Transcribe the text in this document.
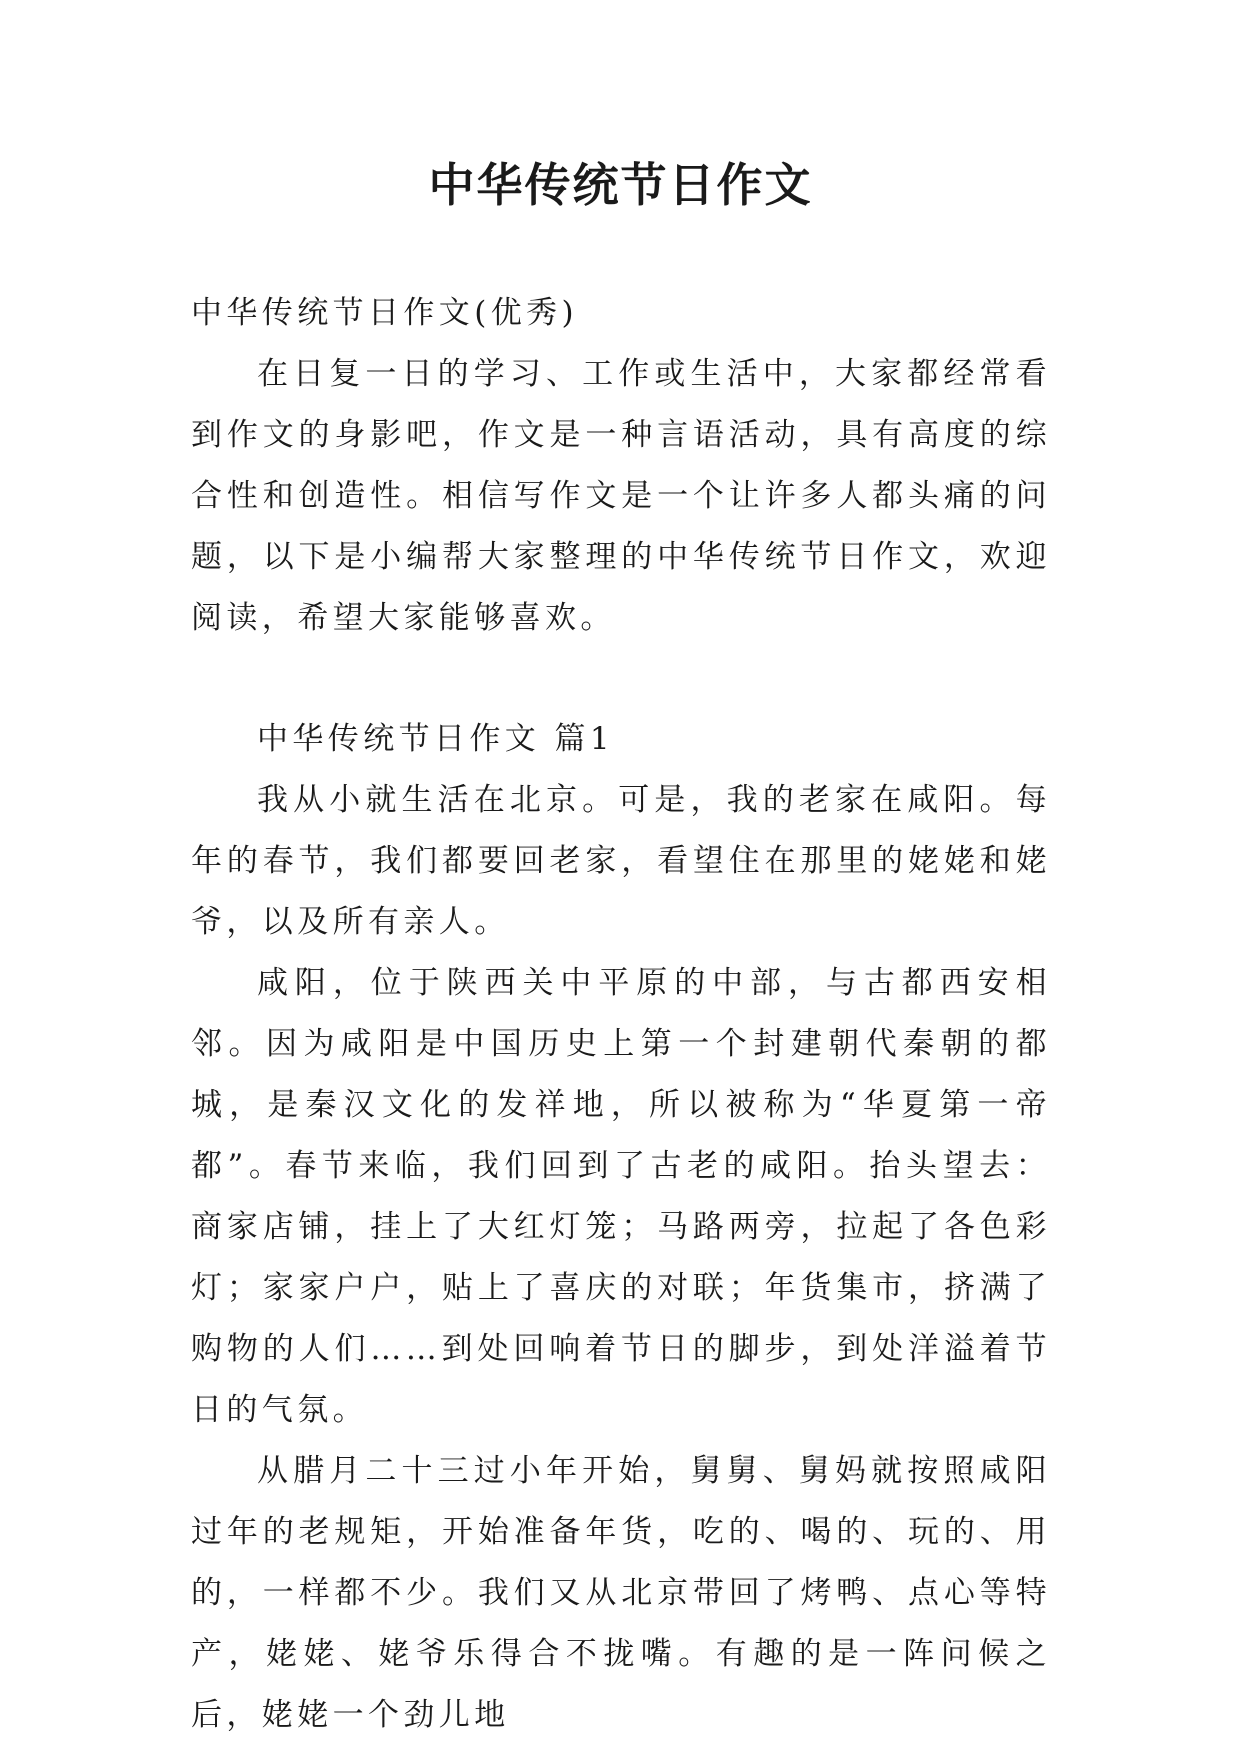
中华传统节日作文

中华传统节日作文(优秀)

在日复一日的学习、工作或生活中，大家都经常看到作文的身影吧，作文是一种言语活动，具有高度的综合性和创造性。相信写作文是一个让许多人都头痛的问题，以下是小编帮大家整理的中华传统节日作文，欢迎阅读，希望大家能够喜欢。

中华传统节日作文 篇1

我从小就生活在北京。可是，我的老家在咸阳。每年的春节，我们都要回老家，看望住在那里的姥姥和姥爷，以及所有亲人。

咸阳，位于陕西关中平原的中部，与古都西安相邻。因为咸阳是中国历史上第一个封建朝代秦朝的都城，是秦汉文化的发祥地，所以被称为“华夏第一帝都”。春节来临，我们回到了古老的咸阳。抬头望去：商家店铺，挂上了大红灯笼；马路两旁，拉起了各色彩灯；家家户户，贴上了喜庆的对联；年货集市，挤满了购物的人们……到处回响着节日的脚步，到处洋溢着节日的气氛。

从腊月二十三过小年开始，舅舅、舅妈就按照咸阳过年的老规矩，开始准备年货，吃的、喝的、玩的、用的，一样都不少。我们又从北京带回了烤鸭、点心等特产，姥姥、姥爷乐得合不拢嘴。有趣的是一阵问候之后，姥姥一个劲儿地
